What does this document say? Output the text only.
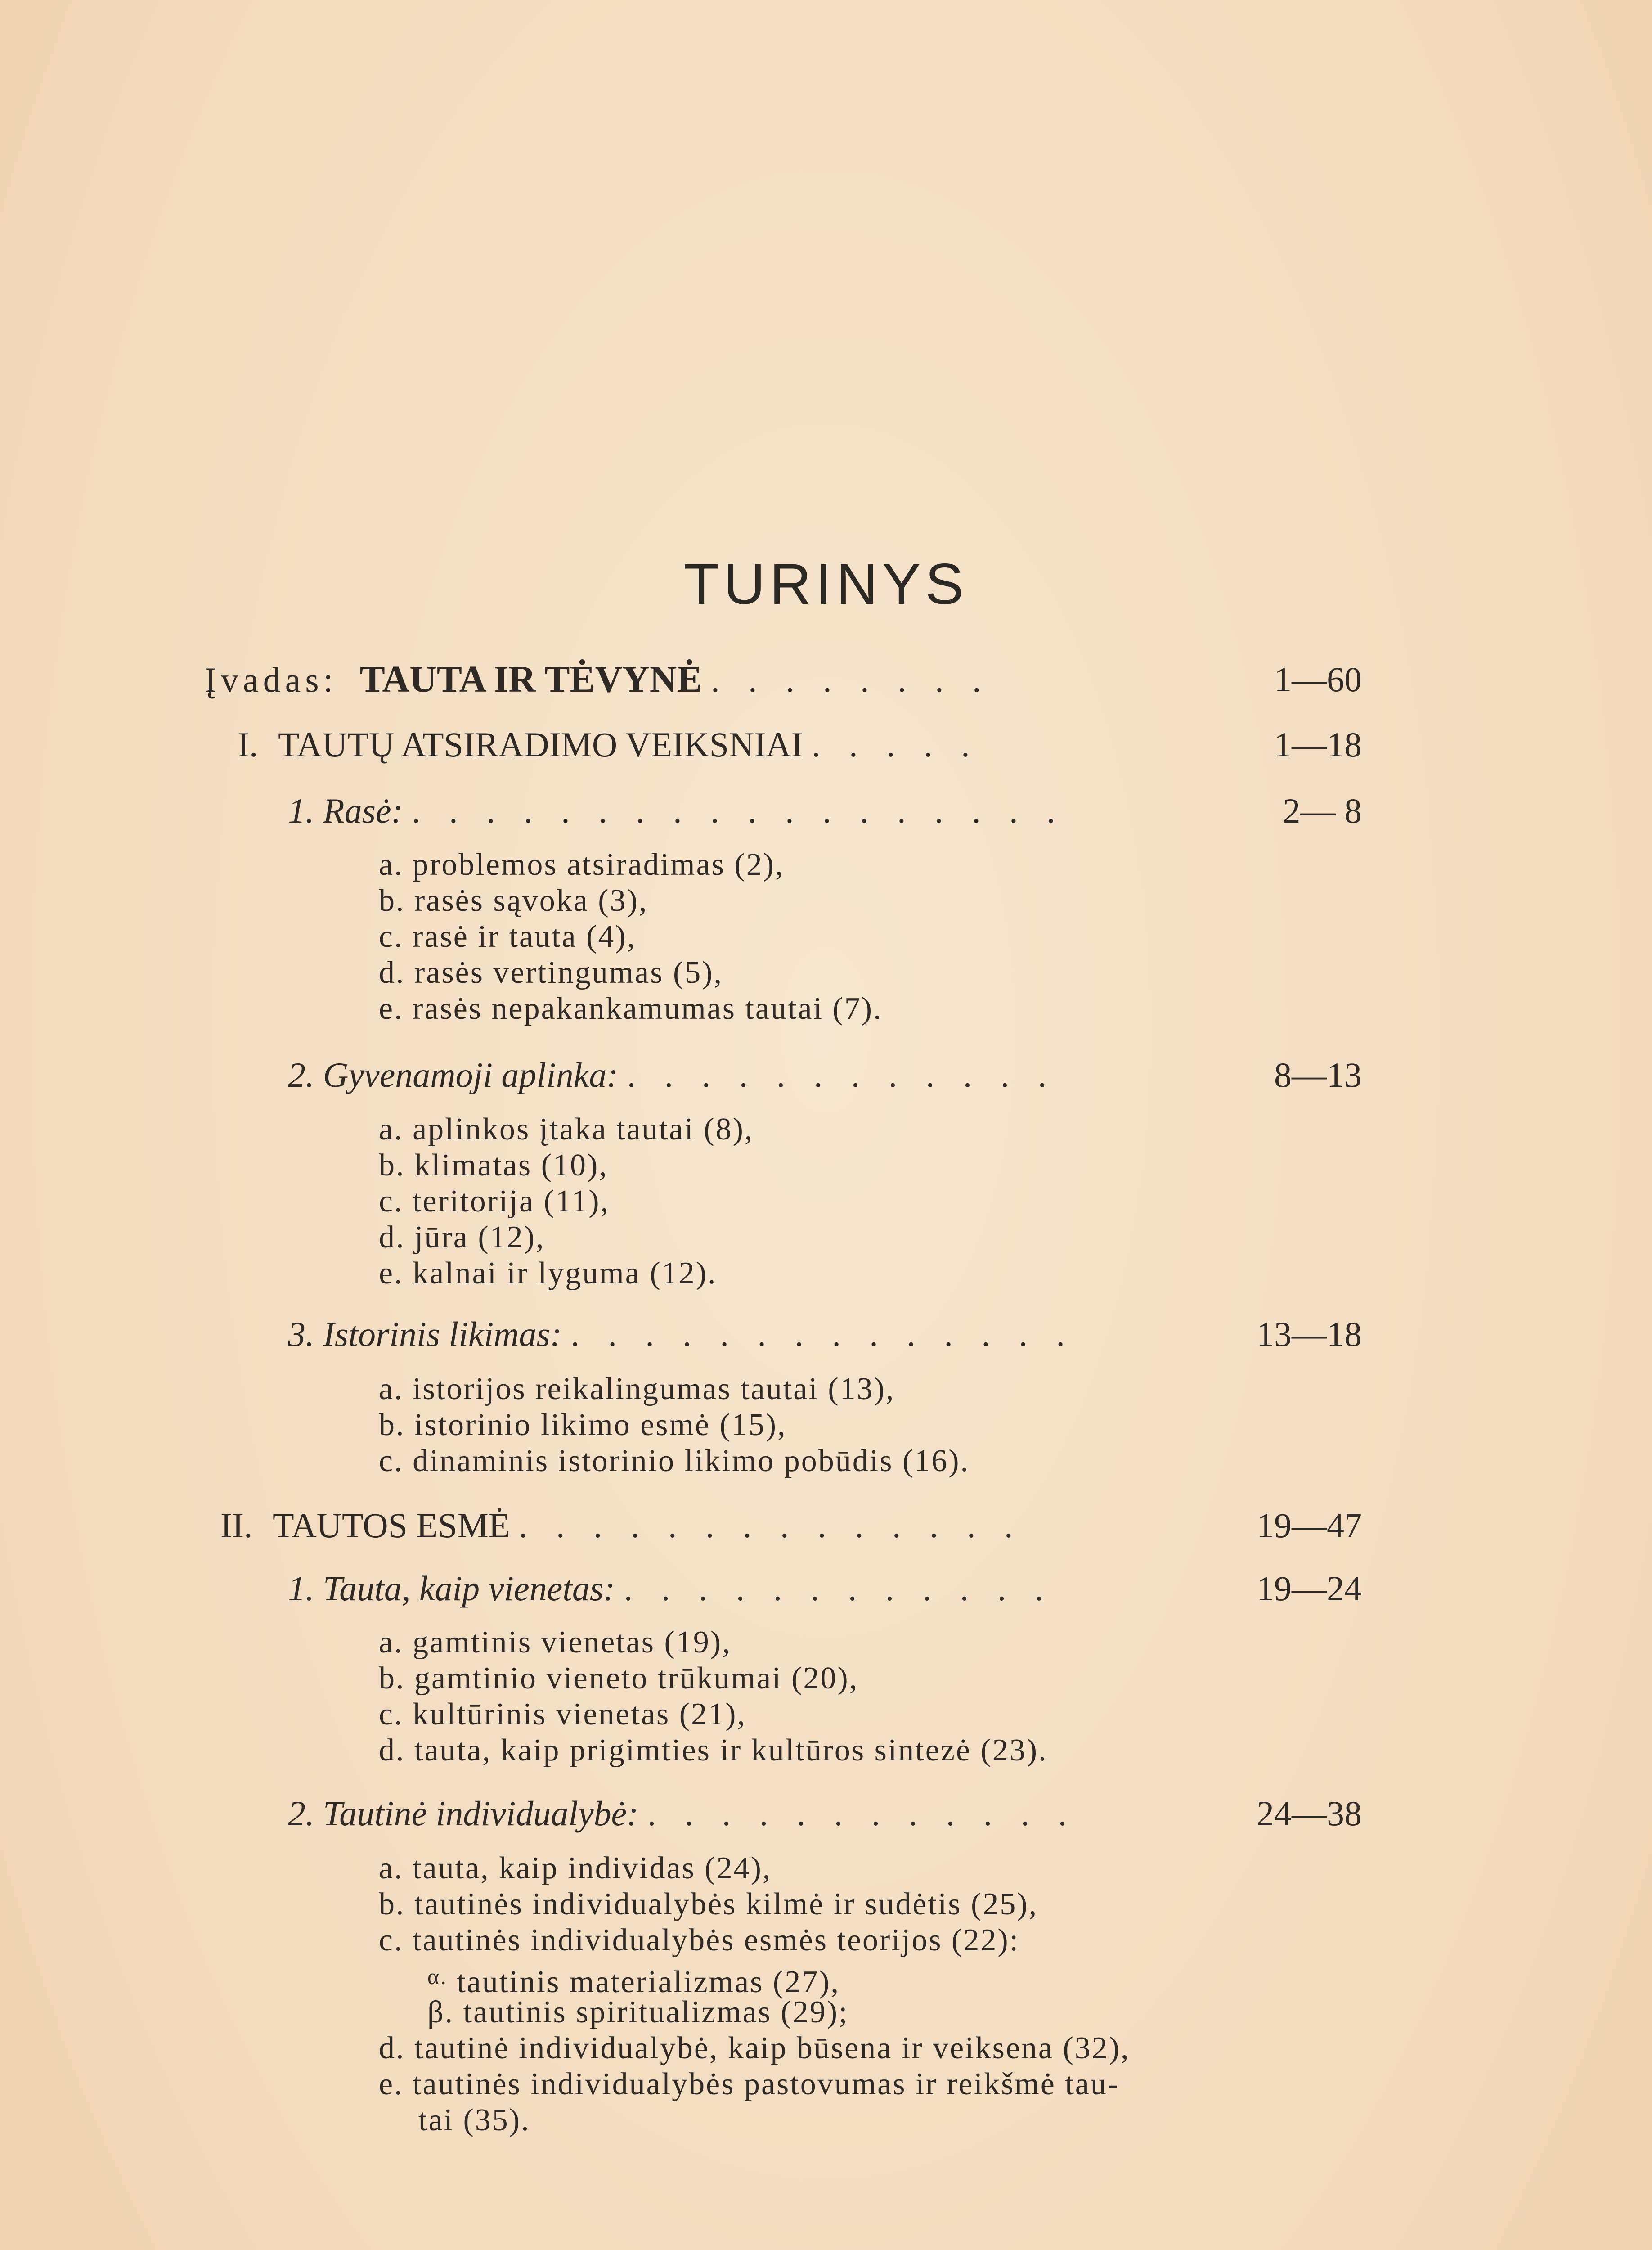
TURINYS
Įvadas: TAUTA IR TĖVYNĖ . . . . . . . .	1—60
I. TAUTŲ ATSIRADIMO VEIKSNIAI . . . . .	1—18
1. Rasė: . . . . . . . . . . . . . . . . . .	2— 8
a. problemos atsiradimas (2),
b. rasės sąvoka (3),
c. rasė ir tauta (4),
d. rasės vertingumas (5),
e. rasės nepakankamumas tautai (7).
2. Gyvenamoji aplinka: . . . . . . . . . . . .	8—13
a. aplinkos įtaka tautai (8),
b. klimatas (10),
c. teritorija (11),
d. jūra (12),
e. kalnai ir lyguma (12).
3. Istorinis likimas: . . . . . . . . . . . . . .	13—18
a. istorijos reikalingumas tautai (13),
b. istorinio likimo esmė (15),
c. dinaminis istorinio likimo pobūdis (16).
II. TAUTOS ESMĖ . . . . . . . . . . . . . .	19—47
1. Tauta, kaip vienetas: . . . . . . . . . . . .	19—24
a. gamtinis vienetas (19),
b. gamtinio vieneto trūkumai (20),
c. kultūrinis vienetas (21),
d. tauta, kaip prigimties ir kultūros sintezė (23).
2. Tautinė individualybė: . . . . . . . . . . . .	24—38
a. tauta, kaip individas (24),
b. tautinės individualybės kilmė ir sudėtis (25),
c. tautinės individualybės esmės teorijos (22):
$^{\alpha.}$ tautinis materializmas (27),
β. tautinis spiritualizmas (29);
d. tautinė individualybė, kaip būsena ir veiksena (32),
e. tautinės individualybės pastovumas ir reikšmė tau-
tai (35).
